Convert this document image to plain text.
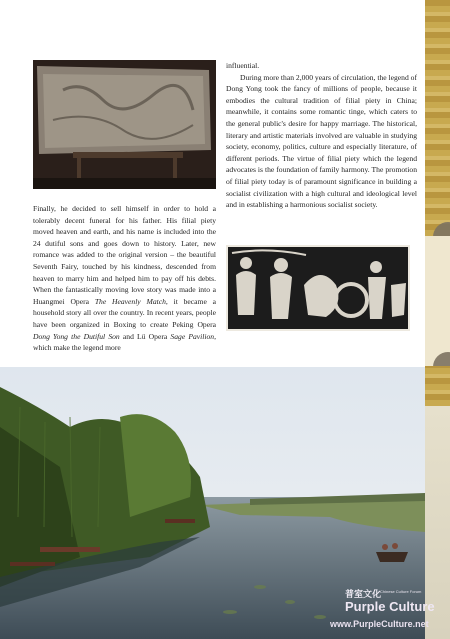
Finally, he decided to sell himself in order to hold a tolerably decent funeral for his father. His filial piety moved heaven and earth, and his name is included into the 24 dutiful sons and goes down to history. Later, new romance was added to the original version – the beautiful Seventh Fairy, touched by his kindness, descended from heaven to marry him and helped him to pay off his debts. When the fantastically moving love story was made into a Huangmei Opera The Heavenly Match, it became a household story all over the country. In recent years, people have been organized in Boxing to create Peking Opera Dong Yong the Dutiful Son and Lü Opera Sage Pavilion, which make the legend more

influential.

During more than 2,000 years of circulation, the legend of Dong Yong took the fancy of millions of people, because it embodies the cultural tradition of filial piety in China; meanwhile, it contains some romantic tinge, which caters to the general public's desire for happy marriage. The historical, literary and artistic materials involved are valuable in studying society, economy, politics, culture and especially literature, of different periods. The virtue of filial piety which the legend advocates is the foundation of family harmony. The promotion of filial piety today is of paramount significance in building a socialist civilization with a high cultural and ideological level and in establishing a harmonious socialist society.

普室文化
Chinese Culture Forum
Purple Culture
www.PurpleCulture.net
